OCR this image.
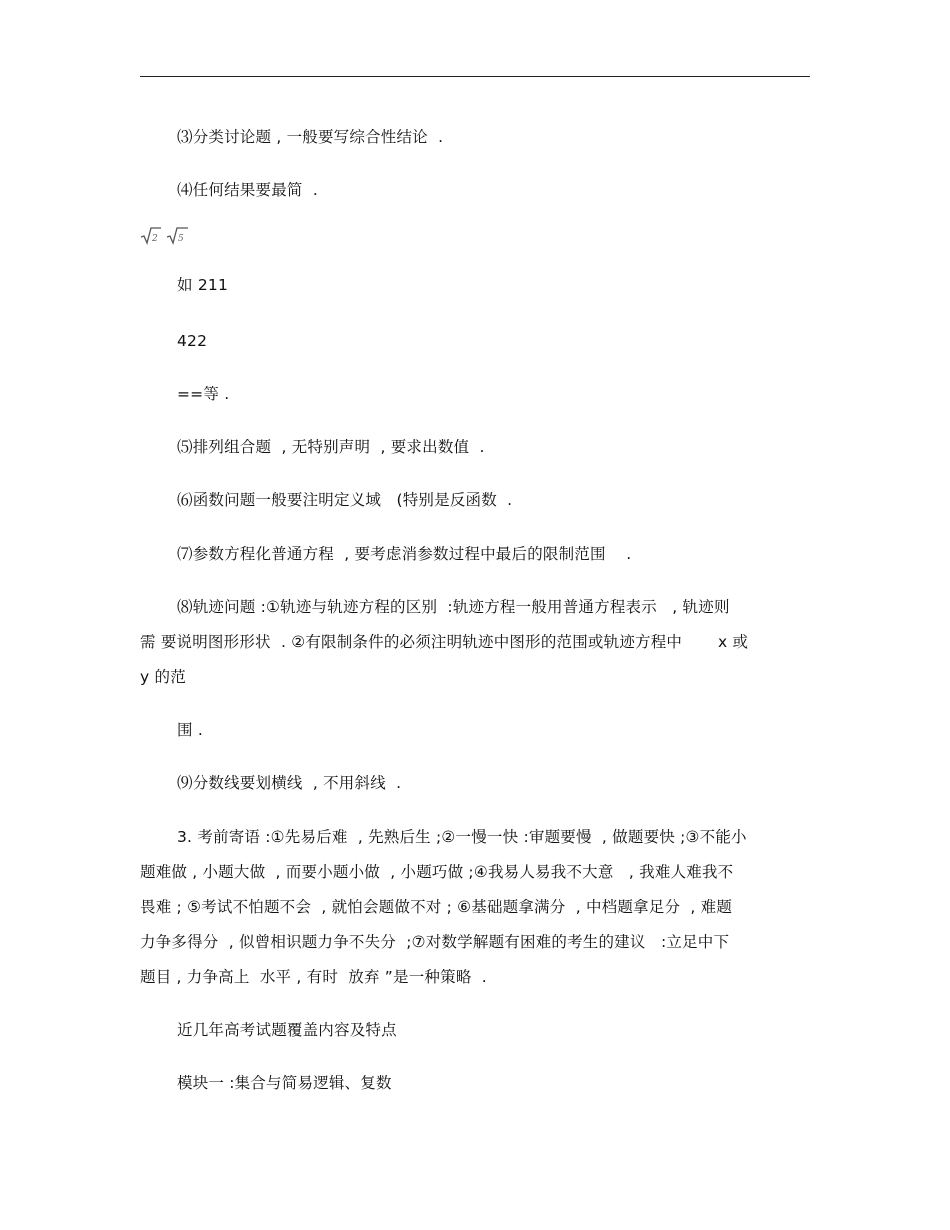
⑶分类讨论题 , 一般要写综合性结论  .
⑷任何结果要最简  .
2 5
如 211
422
==等 .
⑸排列组合题  , 无特别声明  , 要求出数值  .
⑹函数问题一般要注明定义域   (特别是反函数  .
⑺参数方程化普通方程  , 要考虑消参数过程中最后的限制范围    .
⑻轨迹问题 :①轨迹与轨迹方程的区别  :轨迹方程一般用普通方程表示   , 轨迹则
需 要说明图形形状  . ②有限制条件的必须注明轨迹中图形的范围或轨迹方程中       x 或
y 的范
围 .
⑼分数线要划横线  , 不用斜线  .
3. 考前寄语 :①先易后难  , 先熟后生 ;②一慢一快 :审题要慢  , 做题要快 ;③不能小
题难做 , 小题大做  , 而要小题小做  , 小题巧做 ;④我易人易我不大意   , 我难人难我不
畏难 ; ⑤考试不怕题不会  , 就怕会题做不对 ; ⑥基础题拿满分  , 中档题拿足分  , 难题
力争多得分  , 似曾相识题力争不失分  ;⑦对数学解题有困难的考生的建议   :立足中下
题目 , 力争高上  水平 , 有时  放弃 ”是一种策略  .
近几年高考试题覆盖内容及特点
模块一 :集合与简易逻辑、复数
